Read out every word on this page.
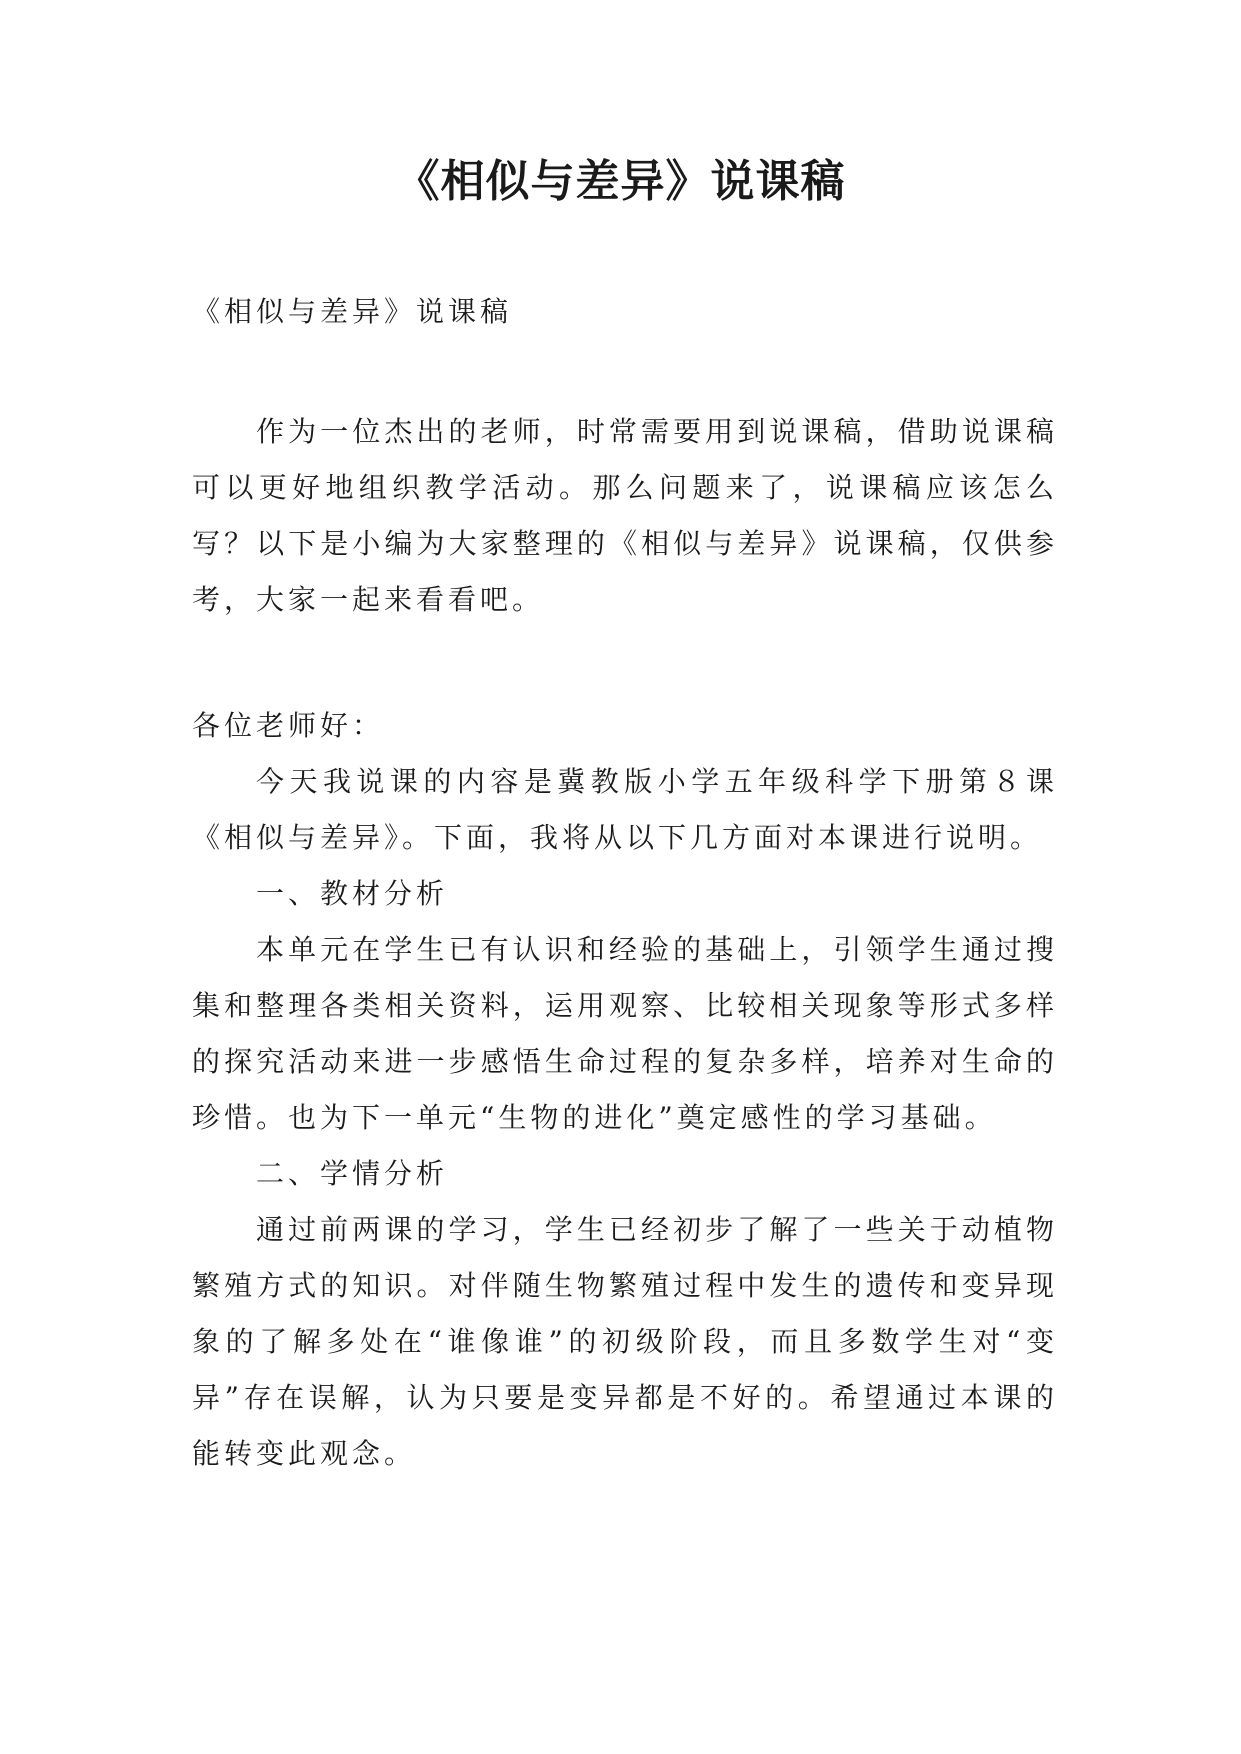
《相似与差异》说课稿

《相似与差异》说课稿

作为一位杰出的老师，时常需要用到说课稿，借助说课稿可以更好地组织教学活动。那么问题来了，说课稿应该怎么写？以下是小编为大家整理的《相似与差异》说课稿，仅供参考，大家一起来看看吧。

各位老师好：

今天我说课的内容是冀教版小学五年级科学下册第８课《相似与差异》。下面，我将从以下几方面对本课进行说明。

一、教材分析

本单元在学生已有认识和经验的基础上，引领学生通过搜集和整理各类相关资料，运用观察、比较相关现象等形式多样的探究活动来进一步感悟生命过程的复杂多样，培养对生命的珍惜。也为下一单元“生物的进化”奠定感性的学习基础。

二、学情分析

通过前两课的学习，学生已经初步了解了一些关于动植物繁殖方式的知识。对伴随生物繁殖过程中发生的遗传和变异现象的了解多处在“谁像谁”的初级阶段，而且多数学生对“变异”存在误解，认为只要是变异都是不好的。希望通过本课的能转变此观念。
